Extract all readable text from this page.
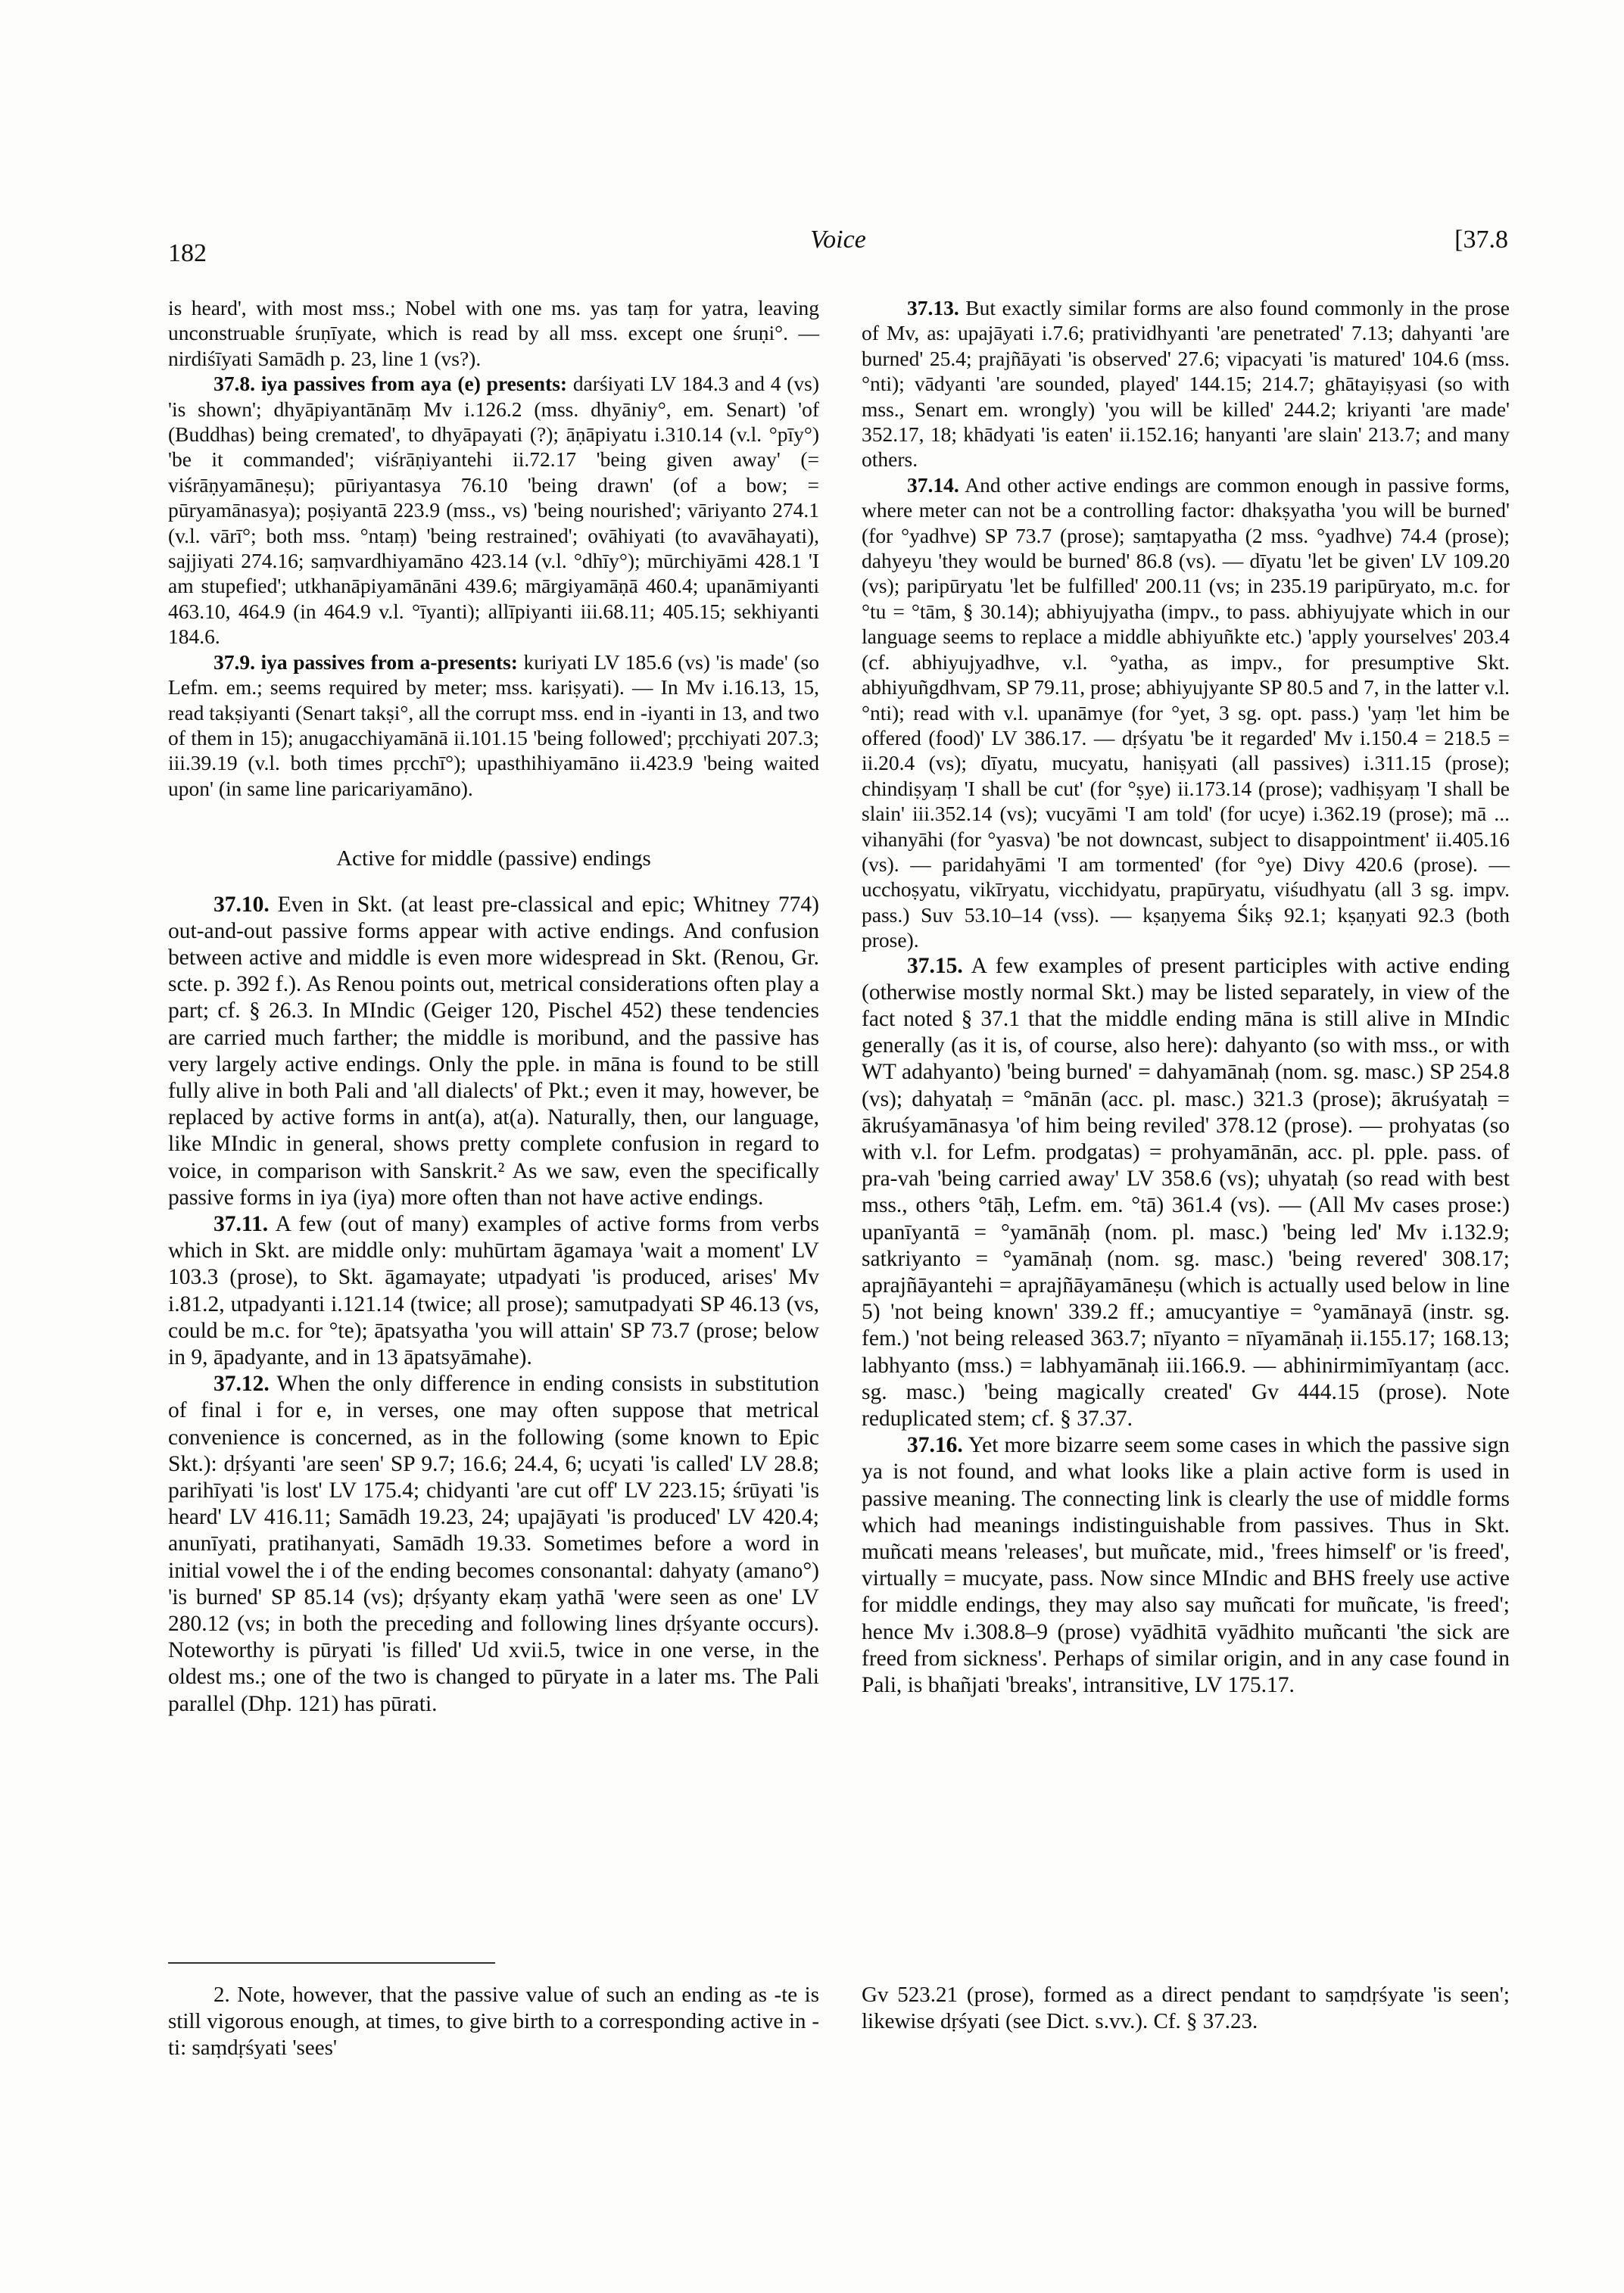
182	Voice	[37.8

is heard', with most mss.; Nobel with one ms. yas taṃ for yatra, leaving unconstruable śruṇīyate, which is read by all mss. except one śruṇi°. — nirdiśīyati Samādh p. 23, line 1 (vs?).

37.8. iya passives from aya (e) presents: darśiyati LV 184.3 and 4 (vs) 'is shown'; dhyāpiyantānāṃ Mv i.126.2 (mss. dhyāniy°, em. Senart) 'of (Buddhas) being cremated', to dhyāpayati (?); āṇāpiyatu i.310.14 (v.l. °pīy°) 'be it commanded'; viśrāṇiyantehi ii.72.17 'being given away' (= viśrāṇyamāneṣu); pūriyantasya 76.10 'being drawn' (of a bow; = pūryamānasya); poṣiyantā 223.9 (mss., vs) 'being nourished'; vāriyanto 274.1 (v.l. vārī°; both mss. °ntaṃ) 'being restrained'; ovāhiyati (to avavāhayati), sajjiyati 274.16; saṃvardhiyamāno 423.14 (v.l. °dhīy°); mūrchiyāmi 428.1 'I am stupefied'; utkhanāpiyamānāni 439.6; mārgiyamāṇā 460.4; upanāmiyanti 463.10, 464.9 (in 464.9 v.l. °īyanti); allīpiyanti iii.68.11; 405.15; sekhiyanti 184.6.

37.9. iya passives from a-presents: kuriyati LV 185.6 (vs) 'is made' (so Lefm. em.; seems required by meter; mss. kariṣyati). — In Mv i.16.13, 15, read takṣiyanti (Senart takṣi°, all the corrupt mss. end in -iyanti in 13, and two of them in 15); anugacchiyamānā ii.101.15 'being followed'; pṛcchiyati 207.3; iii.39.19 (v.l. both times pṛcchī°); upasthihiyamāno ii.423.9 'being waited upon' (in same line paricariyamāno).

Active for middle (passive) endings

37.10. Even in Skt. (at least pre-classical and epic; Whitney 774) out-and-out passive forms appear with active endings. And confusion between active and middle is even more widespread in Skt. (Renou, Gr. scte. p. 392 f.). As Renou points out, metrical considerations often play a part; cf. § 26.3. In MIndic (Geiger 120, Pischel 452) these tendencies are carried much farther; the middle is moribund, and the passive has very largely active endings. Only the pple. in māna is found to be still fully alive in both Pali and 'all dialects' of Pkt.; even it may, however, be replaced by active forms in ant(a), at(a). Naturally, then, our language, like MIndic in general, shows pretty complete confusion in regard to voice, in comparison with Sanskrit.² As we saw, even the specifically passive forms in iya (iya) more often than not have active endings.

37.11. A few (out of many) examples of active forms from verbs which in Skt. are middle only: muhūrtam āgamaya 'wait a moment' LV 103.3 (prose), to Skt. āgamayate; utpadyati 'is produced, arises' Mv i.81.2, utpadyanti i.121.14 (twice; all prose); samutpadyati SP 46.13 (vs, could be m.c. for °te); āpatsyatha 'you will attain' SP 73.7 (prose; below in 9, āpadyante, and in 13 āpatsyāmahe).

37.12. When the only difference in ending consists in substitution of final i for e, in verses, one may often suppose that metrical convenience is concerned, as in the following (some known to Epic Skt.): dṛśyanti 'are seen' SP 9.7; 16.6; 24.4, 6; ucyati 'is called' LV 28.8; parihīyati 'is lost' LV 175.4; chidyanti 'are cut off' LV 223.15; śrūyati 'is heard' LV 416.11; Samādh 19.23, 24; upajāyati 'is produced' LV 420.4; anunīyati, pratihanyati, Samādh 19.33. Sometimes before a word in initial vowel the i of the ending becomes consonantal: dahyaty (amano°) 'is burned' SP 85.14 (vs); dṛśyanty ekaṃ yathā 'were seen as one' LV 280.12 (vs; in both the preceding and following lines dṛśyante occurs). Noteworthy is pūryati 'is filled' Ud xvii.5, twice in one verse, in the oldest ms.; one of the two is changed to pūryate in a later ms. The Pali parallel (Dhp. 121) has pūrati.

37.13. But exactly similar forms are also found commonly in the prose of Mv, as: upajāyati i.7.6; pratividhyanti 'are penetrated' 7.13; dahyanti 'are burned' 25.4; prajñāyati 'is observed' 27.6; vipacyati 'is matured' 104.6 (mss. °nti); vādyanti 'are sounded, played' 144.15; 214.7; ghātayiṣyasi (so with mss., Senart em. wrongly) 'you will be killed' 244.2; kriyanti 'are made' 352.17, 18; khādyati 'is eaten' ii.152.16; hanyanti 'are slain' 213.7; and many others.

37.14. And other active endings are common enough in passive forms, where meter can not be a controlling factor: dhakṣyatha 'you will be burned' (for °yadhve) SP 73.7 (prose); saṃtapyatha (2 mss. °yadhve) 74.4 (prose); dahyeyu 'they would be burned' 86.8 (vs). — dīyatu 'let be given' LV 109.20 (vs); paripūryatu 'let be fulfilled' 200.11 (vs; in 235.19 paripūryato, m.c. for °tu = °tām, § 30.14); abhiyujyatha (impv., to pass. abhiyujyate which in our language seems to replace a middle abhiyuñkte etc.) 'apply yourselves' 203.4 (cf. abhiyujyadhve, v.l. °yatha, as impv., for presumptive Skt. abhiyuñgdhvam, SP 79.11, prose; abhiyujyante SP 80.5 and 7, in the latter v.l. °nti); read with v.l. upanāmye (for °yet, 3 sg. opt. pass.) 'yaṃ 'let him be offered (food)' LV 386.17. — dṛśyatu 'be it regarded' Mv i.150.4 = 218.5 = ii.20.4 (vs); dīyatu, mucyatu, haniṣyati (all passives) i.311.15 (prose); chindiṣyaṃ 'I shall be cut' (for °ṣye) ii.173.14 (prose); vadhiṣyaṃ 'I shall be slain' iii.352.14 (vs); vucyāmi 'I am told' (for ucye) i.362.19 (prose); mā ... vihanyāhi (for °yasva) 'be not downcast, subject to disappointment' ii.405.16 (vs). — paridahyāmi 'I am tormented' (for °ye) Divy 420.6 (prose). — ucchoṣyatu, vikīryatu, vicchidyatu, prapūryatu, viśudhyatu (all 3 sg. impv. pass.) Suv 53.10–14 (vss). — kṣaṇyema Śikṣ 92.1; kṣaṇyati 92.3 (both prose).

37.15. A few examples of present participles with active ending (otherwise mostly normal Skt.) may be listed separately, in view of the fact noted § 37.1 that the middle ending māna is still alive in MIndic generally (as it is, of course, also here): dahyanto (so with mss., or with WT adahyanto) 'being burned' = dahyamānaḥ (nom. sg. masc.) SP 254.8 (vs); dahyataḥ = °mānān (acc. pl. masc.) 321.3 (prose); ākruśyataḥ = ākruśyamānasya 'of him being reviled' 378.12 (prose). — prohyatas (so with v.l. for Lefm. prodgatas) = prohyamānān, acc. pl. pple. pass. of pra-vah 'being carried away' LV 358.6 (vs); uhyataḥ (so read with best mss., others °tāḥ, Lefm. em. °tā) 361.4 (vs). — (All Mv cases prose:) upanīyantā = °yamānāḥ (nom. pl. masc.) 'being led' Mv i.132.9; satkriyanto = °yamānaḥ (nom. sg. masc.) 'being revered' 308.17; aprajñāyantehi = aprajñāyamāneṣu (which is actually used below in line 5) 'not being known' 339.2 ff.; amucyantiye = °yamānayā (instr. sg. fem.) 'not being released 363.7; nīyanto = nīyamānaḥ ii.155.17; 168.13; labhyanto (mss.) = labhyamānaḥ iii.166.9. — abhinirmimīyantaṃ (acc. sg. masc.) 'being magically created' Gv 444.15 (prose). Note reduplicated stem; cf. § 37.37.

37.16. Yet more bizarre seem some cases in which the passive sign ya is not found, and what looks like a plain active form is used in passive meaning. The connecting link is clearly the use of middle forms which had meanings indistinguishable from passives. Thus in Skt. muñcati means 'releases', but muñcate, mid., 'frees himself' or 'is freed', virtually = mucyate, pass. Now since MIndic and BHS freely use active for middle endings, they may also say muñcati for muñcate, 'is freed'; hence Mv i.308.8–9 (prose) vyādhitā vyādhito muñcanti 'the sick are freed from sickness'. Perhaps of similar origin, and in any case found in Pali, is bhañjati 'breaks', intransitive, LV 175.17.

2. Note, however, that the passive value of such an ending as -te is still vigorous enough, at times, to give birth to a corresponding active in -ti: saṃdṛśyati 'sees'
Gv 523.21 (prose), formed as a direct pendant to saṃdṛśyate 'is seen'; likewise dṛśyati (see Dict. s.vv.). Cf. § 37.23.
